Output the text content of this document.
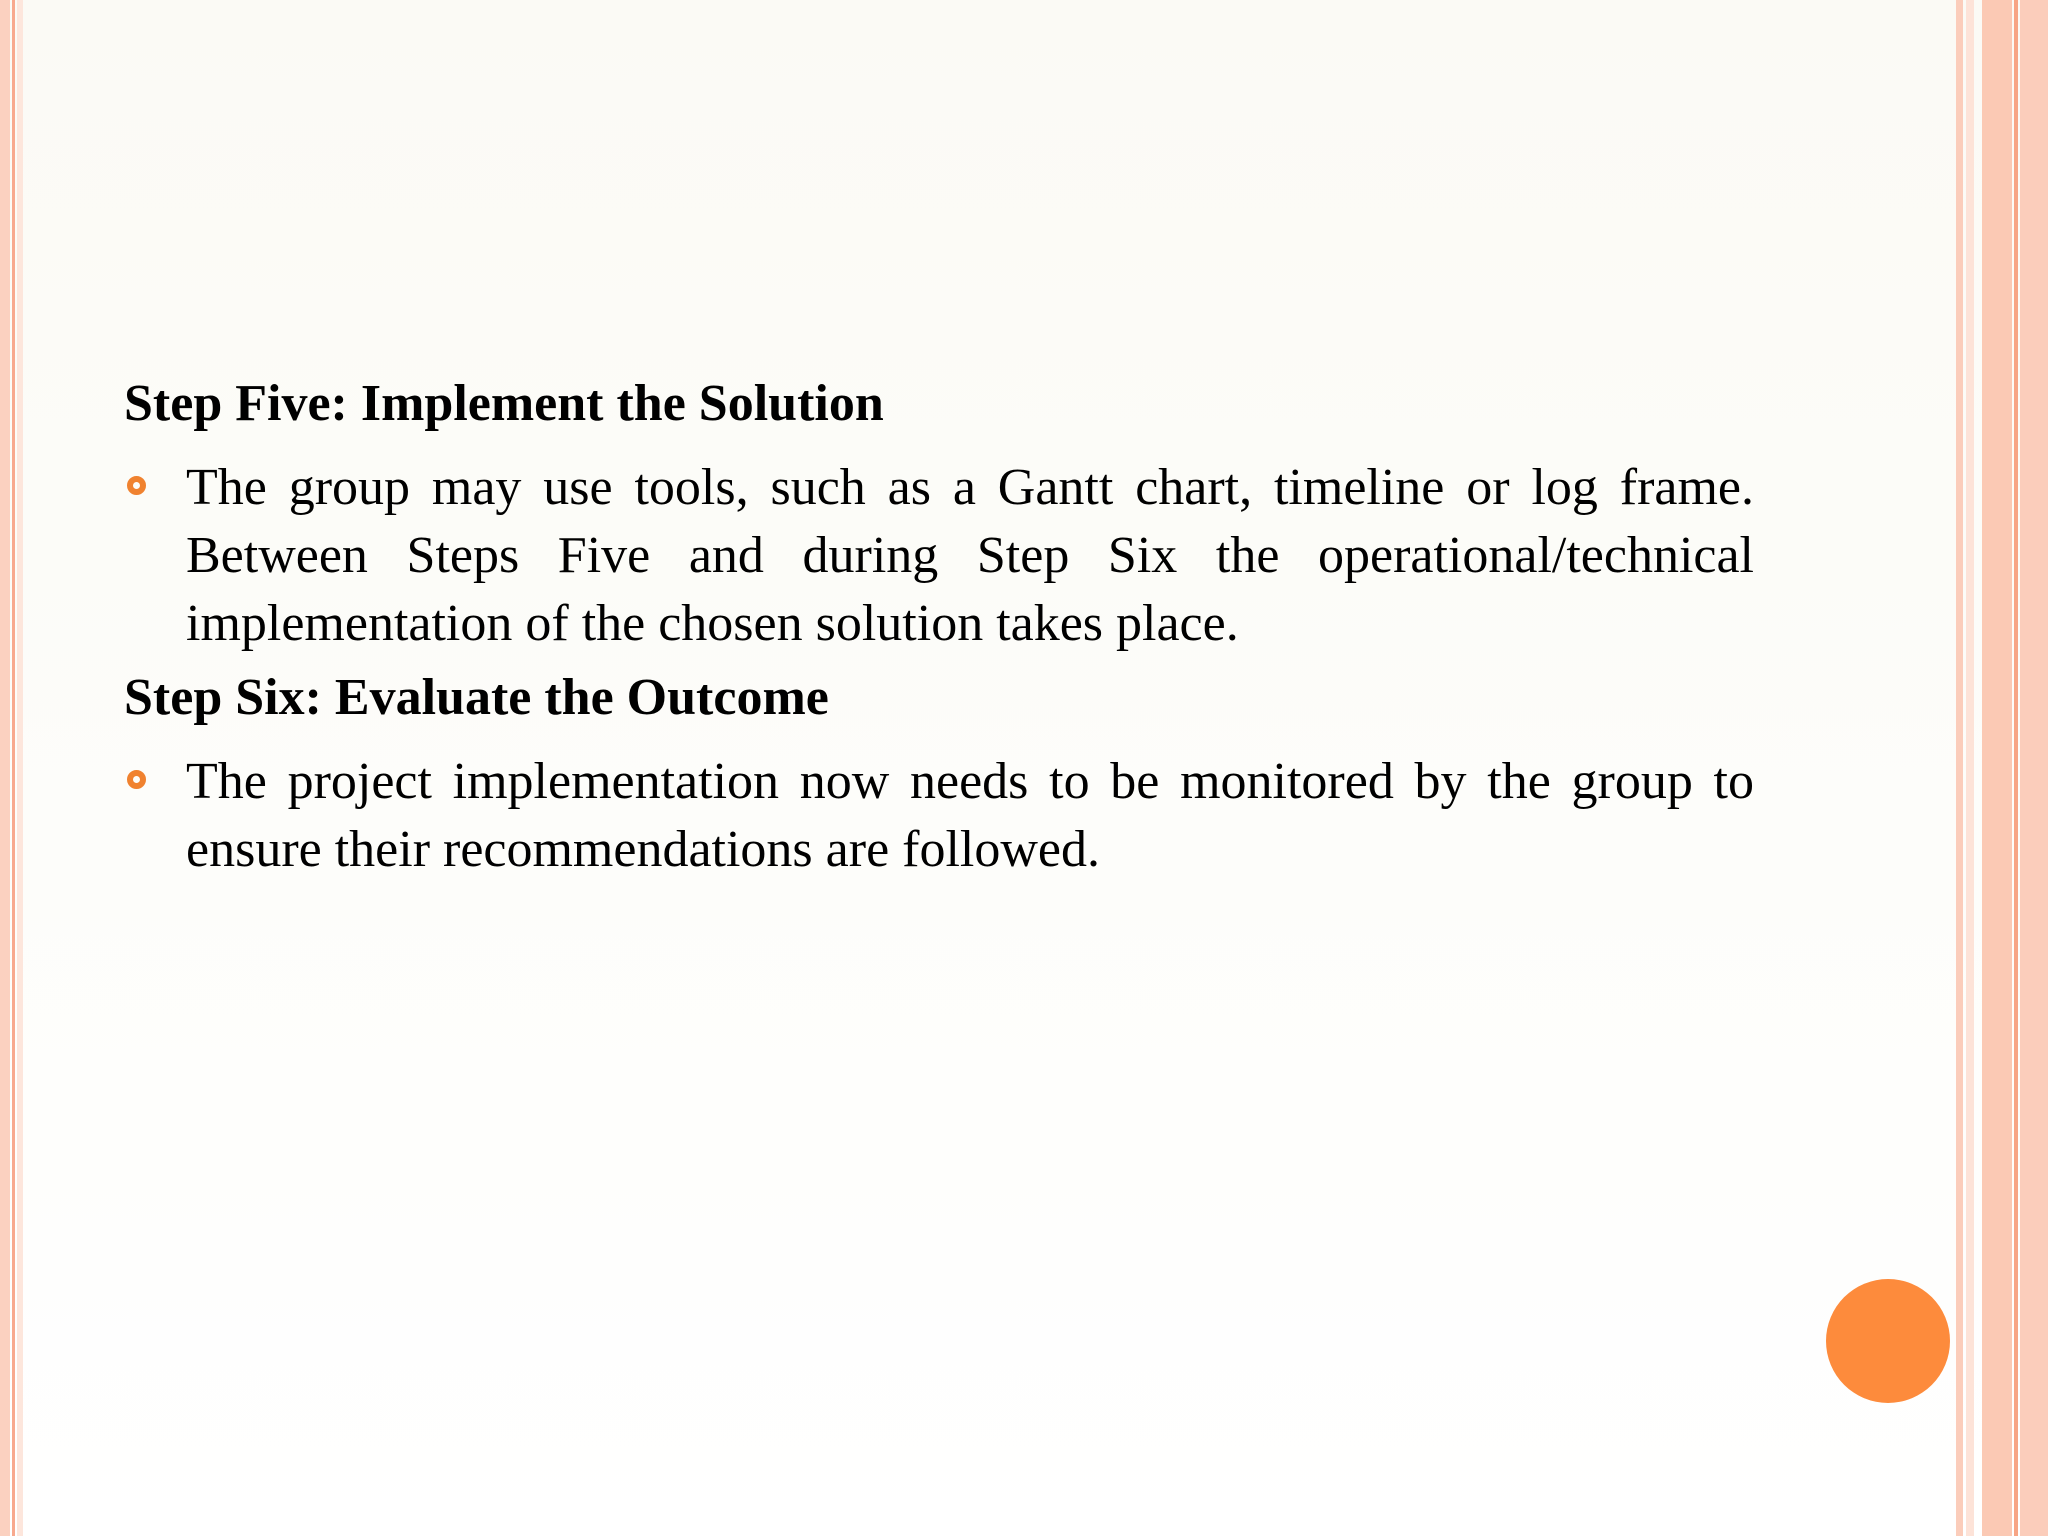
Step Five: Implement the Solution

The group may use tools, such as a Gantt chart, timeline or log frame. Between Steps Five and during Step Six the operational/technical implementation of the chosen solution takes place.

Step Six: Evaluate the Outcome

The project implementation now needs to be monitored by the group to ensure their recommendations are followed.
